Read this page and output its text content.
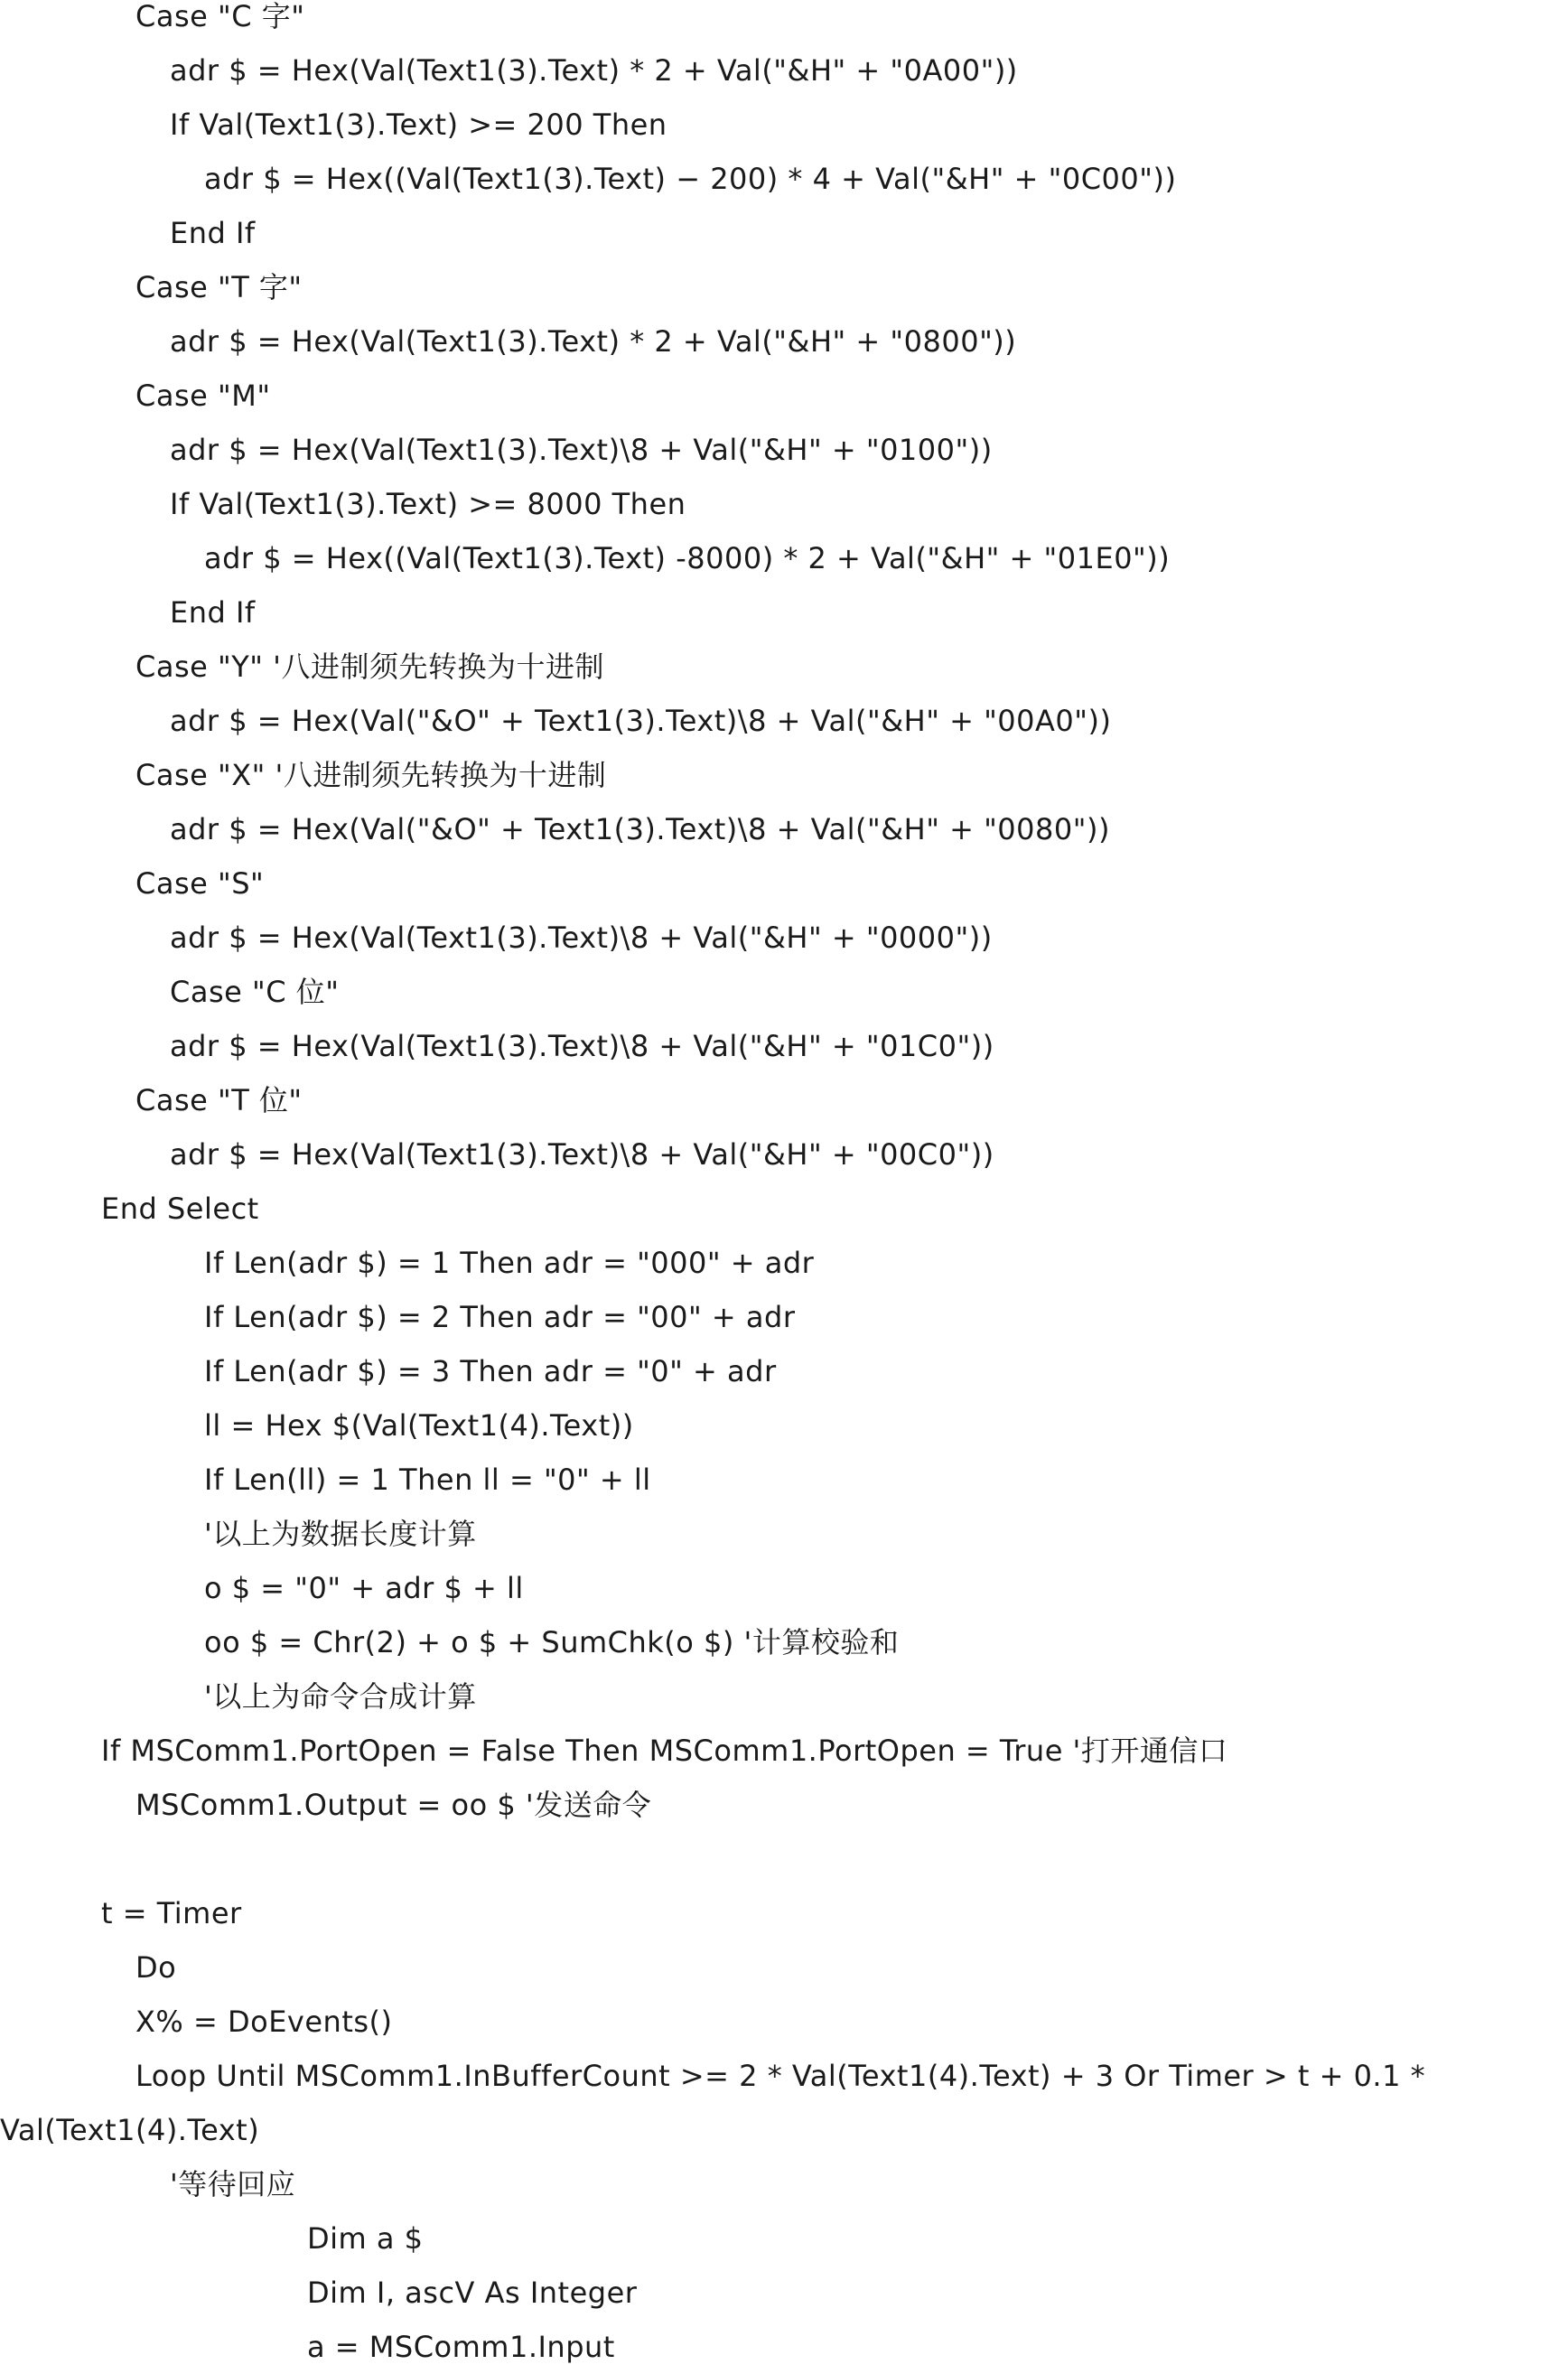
Case "C 字"
adr $ = Hex(Val(Text1(3).Text) * 2 + Val("&H" + "0A00"))
If Val(Text1(3).Text) >= 200 Then
adr $ = Hex((Val(Text1(3).Text) − 200) * 4 + Val("&H" + "0C00"))
End If
Case "T 字"
adr $ = Hex(Val(Text1(3).Text) * 2 + Val("&H" + "0800"))
Case "M"
adr $ = Hex(Val(Text1(3).Text)\8 + Val("&H" + "0100"))
If Val(Text1(3).Text) >= 8000 Then
adr $ = Hex((Val(Text1(3).Text) -8000) * 2 + Val("&H" + "01E0"))
End If
Case "Y" '八进制须先转换为十进制
adr $ = Hex(Val("&O" + Text1(3).Text)\8 + Val("&H" + "00A0"))
Case "X" '八进制须先转换为十进制
adr $ = Hex(Val("&O" + Text1(3).Text)\8 + Val("&H" + "0080"))
Case "S"
adr $ = Hex(Val(Text1(3).Text)\8 + Val("&H" + "0000"))
Case "C 位"
adr $ = Hex(Val(Text1(3).Text)\8 + Val("&H" + "01C0"))
Case "T 位"
adr $ = Hex(Val(Text1(3).Text)\8 + Val("&H" + "00C0"))
End Select
If Len(adr $) = 1 Then adr = "000" + adr
If Len(adr $) = 2 Then adr = "00" + adr
If Len(adr $) = 3 Then adr = "0" + adr
ll = Hex $(Val(Text1(4).Text))
If Len(ll) = 1 Then ll = "0" + ll
'以上为数据长度计算
o $ = "0" + adr $ + ll
oo $ = Chr(2) + o $ + SumChk(o $) '计算校验和
'以上为命令合成计算
If MSComm1.PortOpen = False Then MSComm1.PortOpen = True '打开通信口
MSComm1.Output = oo $ '发送命令
t = Timer
Do
X% = DoEvents()
Loop Until MSComm1.InBufferCount >= 2 * Val(Text1(4).Text) + 3 Or Timer > t + 0.1 *
Val(Text1(4).Text)
'等待回应
Dim a $
Dim I, ascV As Integer
a = MSComm1.Input
